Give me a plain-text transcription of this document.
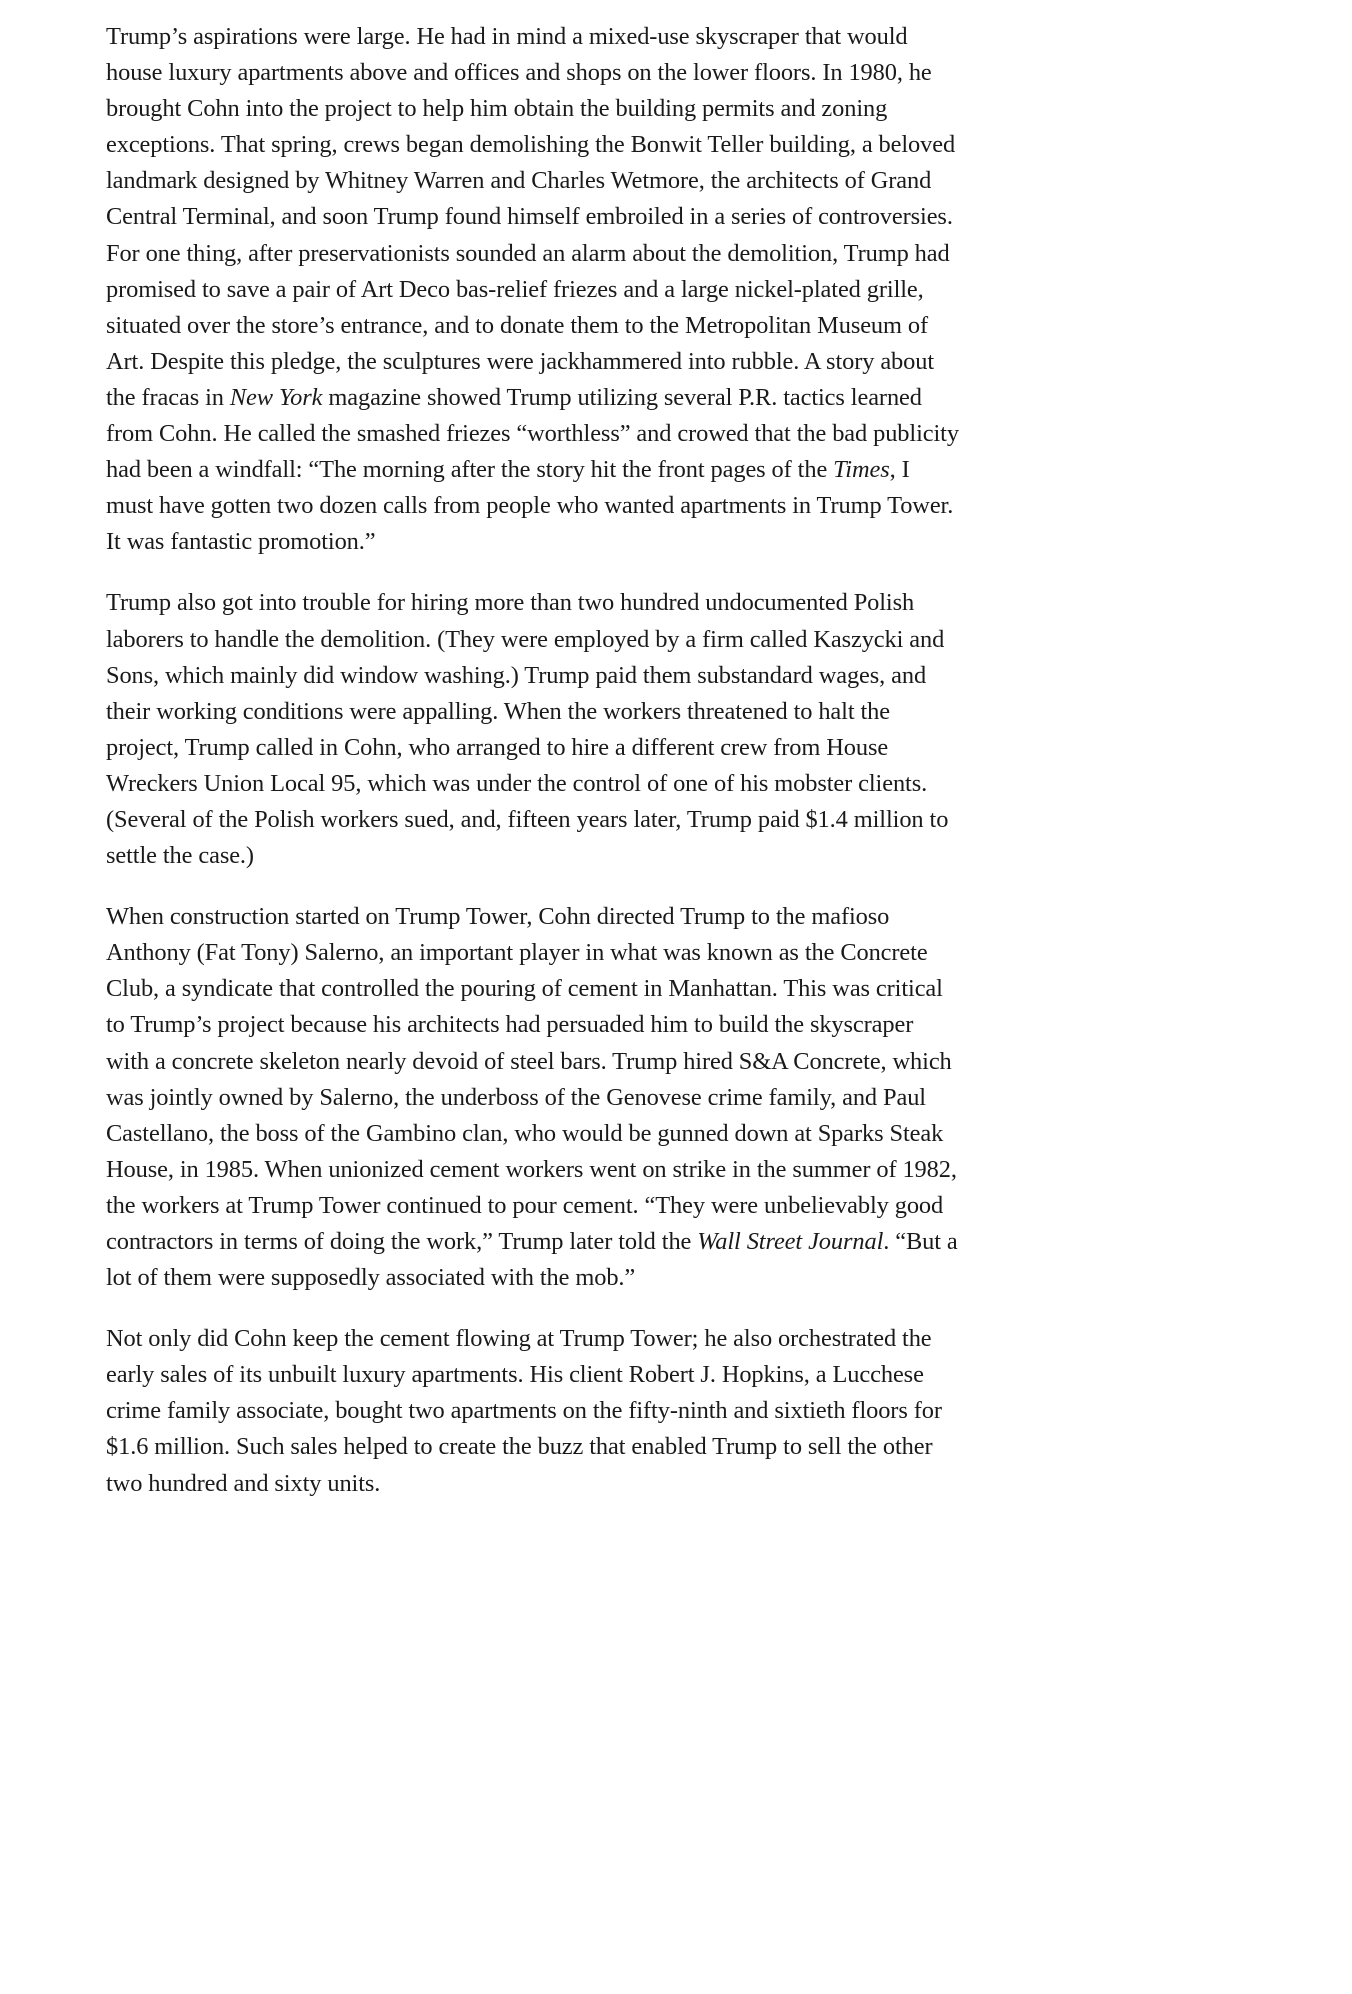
Trump’s aspirations were large. He had in mind a mixed-use skyscraper that would house luxury apartments above and offices and shops on the lower floors. In 1980, he brought Cohn into the project to help him obtain the building permits and zoning exceptions. That spring, crews began demolishing the Bonwit Teller building, a beloved landmark designed by Whitney Warren and Charles Wetmore, the architects of Grand Central Terminal, and soon Trump found himself embroiled in a series of controversies. For one thing, after preservationists sounded an alarm about the demolition, Trump had promised to save a pair of Art Deco bas-relief friezes and a large nickel-plated grille, situated over the store’s entrance, and to donate them to the Metropolitan Museum of Art. Despite this pledge, the sculptures were jackhammered into rubble. A story about the fracas in New York magazine showed Trump utilizing several P.R. tactics learned from Cohn. He called the smashed friezes “worthless” and crowed that the bad publicity had been a windfall: “The morning after the story hit the front pages of the Times, I must have gotten two dozen calls from people who wanted apartments in Trump Tower. It was fantastic promotion.”

Trump also got into trouble for hiring more than two hundred undocumented Polish laborers to handle the demolition. (They were employed by a firm called Kaszycki and Sons, which mainly did window washing.) Trump paid them substandard wages, and their working conditions were appalling. When the workers threatened to halt the project, Trump called in Cohn, who arranged to hire a different crew from House Wreckers Union Local 95, which was under the control of one of his mobster clients. (Several of the Polish workers sued, and, fifteen years later, Trump paid $1.4 million to settle the case.)

When construction started on Trump Tower, Cohn directed Trump to the mafioso Anthony (Fat Tony) Salerno, an important player in what was known as the Concrete Club, a syndicate that controlled the pouring of cement in Manhattan. This was critical to Trump’s project because his architects had persuaded him to build the skyscraper with a concrete skeleton nearly devoid of steel bars. Trump hired S&A Concrete, which was jointly owned by Salerno, the underboss of the Genovese crime family, and Paul Castellano, the boss of the Gambino clan, who would be gunned down at Sparks Steak House, in 1985. When unionized cement workers went on strike in the summer of 1982, the workers at Trump Tower continued to pour cement. “They were unbelievably good contractors in terms of doing the work,” Trump later told the Wall Street Journal. “But a lot of them were supposedly associated with the mob.”

Not only did Cohn keep the cement flowing at Trump Tower; he also orchestrated the early sales of its unbuilt luxury apartments. His client Robert J. Hopkins, a Lucchese crime family associate, bought two apartments on the fifty-ninth and sixtieth floors for $1.6 million. Such sales helped to create the buzz that enabled Trump to sell the other two hundred and sixty units.
